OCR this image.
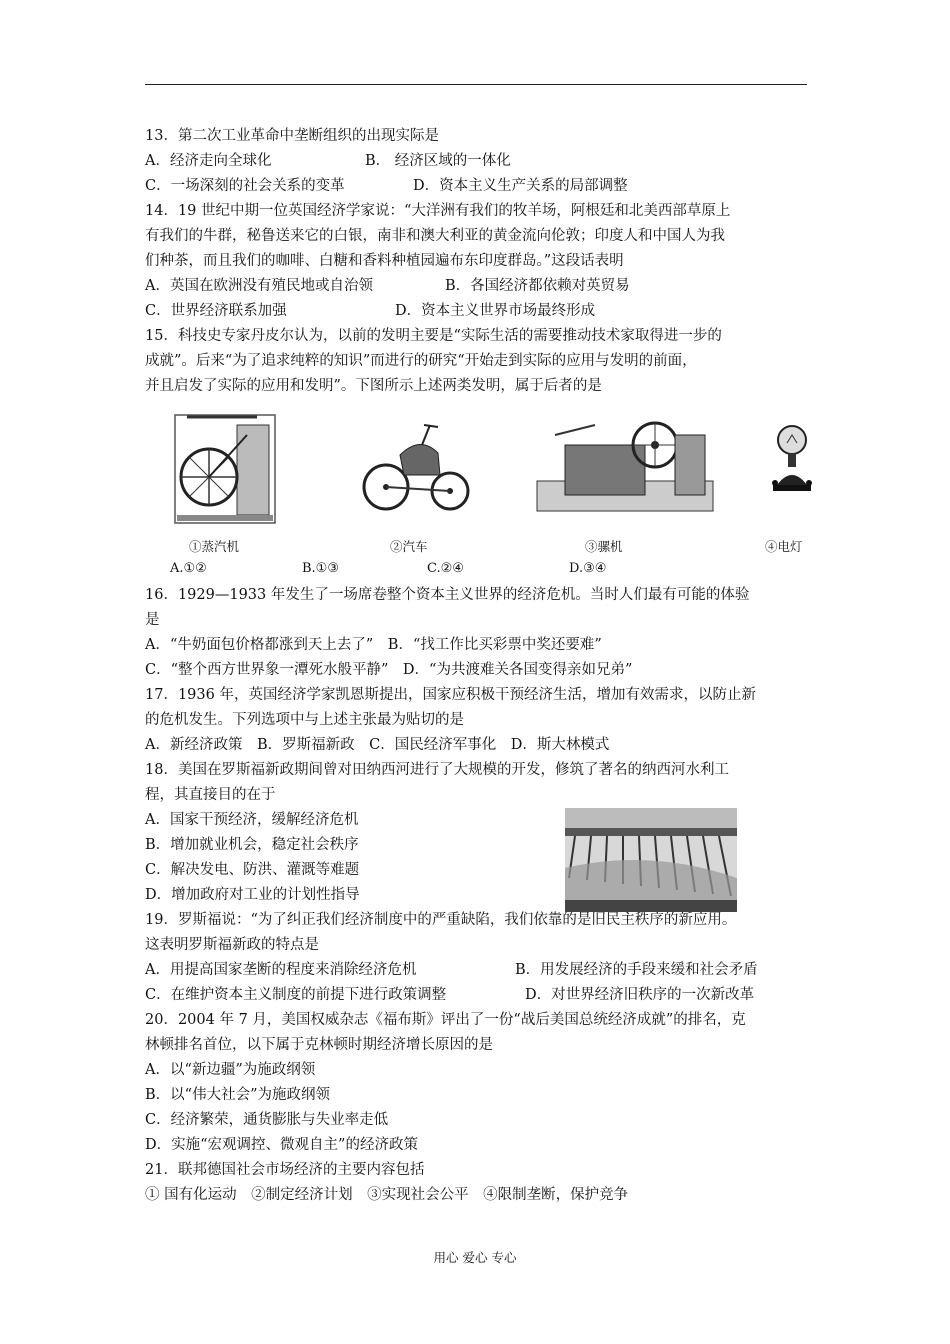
13．第二次工业革命中垄断组织的出现实际是
A．经济走向全球化	B． 经济区域的一体化
C．一场深刻的社会关系的变革	D．资本主义生产关系的局部调整
14．19 世纪中期一位英国经济学家说：“大洋洲有我们的牧羊场，阿根廷和北美西部草原上
有我们的牛群，秘鲁送来它的白银，南非和澳大利亚的黄金流向伦敦；印度人和中国人为我
们种茶，而且我们的咖啡、白糖和香料种植园遍布东印度群岛。”这段话表明
A．英国在欧洲没有殖民地或自治领	B．各国经济都依赖对英贸易
C．世界经济联系加强	D．资本主义世界市场最终形成
15．科技史专家丹皮尔认为，以前的发明主要是“实际生活的需要推动技术家取得进一步的
成就”。后来“为了追求纯粹的知识”而进行的研究“开始走到实际的应用与发明的前面，
并且启发了实际的应用和发明”。下图所示上述两类发明，属于后者的是
①蒸汽机	②汽车	③骡机	④电灯
A.①②	B.①③	C.②④	D.③④
16．1929—1933 年发生了一场席卷整个资本主义世界的经济危机。当时人们最有可能的体验
是
A．“牛奶面包价格都涨到天上去了”　B．“找工作比买彩票中奖还要难”
C．“整个西方世界象一潭死水般平静”　D．“为共渡难关各国变得亲如兄弟”
17．1936 年，英国经济学家凯恩斯提出，国家应积极干预经济生活，增加有效需求，以防止新
的危机发生。下列选项中与上述主张最为贴切的是
A．新经济政策　B．罗斯福新政　C．国民经济军事化　D．斯大林模式
18．美国在罗斯福新政期间曾对田纳西河进行了大规模的开发，修筑了著名的纳西河水利工
程，其直接目的在于
A．国家干预经济，缓解经济危机
B．增加就业机会，稳定社会秩序
C．解决发电、防洪、灌溉等难题
D．增加政府对工业的计划性指导
19．罗斯福说：“为了纠正我们经济制度中的严重缺陷，我们依靠的是旧民主秩序的新应用。
这表明罗斯福新政的特点是
A．用提高国家垄断的程度来消除经济危机	B．用发展经济的手段来缓和社会矛盾
C．在维护资本主义制度的前提下进行政策调整	D．对世界经济旧秩序的一次新改革
20．2004 年 7 月，美国权威杂志《福布斯》评出了一份“战后美国总统经济成就”的排名，克
林顿排名首位，以下属于克林顿时期经济增长原因的是
A．以“新边疆”为施政纲领
B．以“伟大社会”为施政纲领
C．经济繁荣，通货膨胀与失业率走低
D．实施“宏观调控、微观自主”的经济政策
21．联邦德国社会市场经济的主要内容包括
① 国有化运动　②制定经济计划　③实现社会公平　④限制垄断，保护竞争
用心 爱心 专心
